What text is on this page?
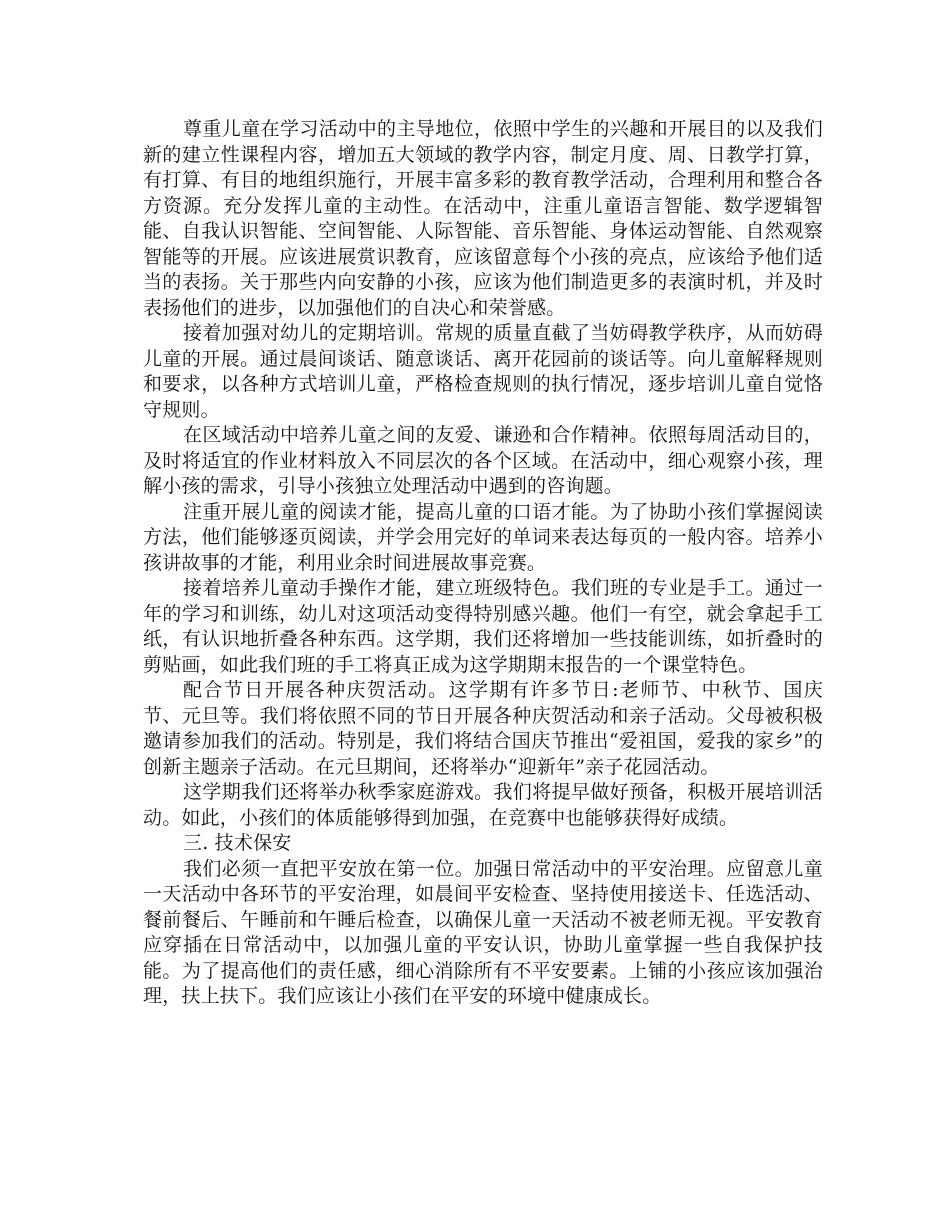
尊重儿童在学习活动中的主导地位，依照中学生的兴趣和开展目的以及我们新的建立性课程内容，增加五大领域的教学内容，制定月度、周、日教学打算，有打算、有目的地组织施行，开展丰富多彩的教育教学活动，合理利用和整合各方资源。充分发挥儿童的主动性。在活动中，注重儿童语言智能、数学逻辑智能、自我认识智能、空间智能、人际智能、音乐智能、身体运动智能、自然观察智能等的开展。应该进展赏识教育，应该留意每个小孩的亮点，应该给予他们适当的表扬。关于那些内向安静的小孩，应该为他们制造更多的表演时机，并及时表扬他们的进步，以加强他们的自决心和荣誉感。

接着加强对幼儿的定期培训。常规的质量直截了当妨碍教学秩序，从而妨碍儿童的开展。通过晨间谈话、随意谈话、离开花园前的谈话等。向儿童解释规则和要求，以各种方式培训儿童，严格检查规则的执行情况，逐步培训儿童自觉恪守规则。

在区域活动中培养儿童之间的友爱、谦逊和合作精神。依照每周活动目的，及时将适宜的作业材料放入不同层次的各个区域。在活动中，细心观察小孩，理解小孩的需求，引导小孩独立处理活动中遇到的咨询题。

注重开展儿童的阅读才能，提高儿童的口语才能。为了协助小孩们掌握阅读方法，他们能够逐页阅读，并学会用完好的单词来表达每页的一般内容。培养小孩讲故事的才能，利用业余时间进展故事竞赛。

接着培养儿童动手操作才能，建立班级特色。我们班的专业是手工。通过一年的学习和训练，幼儿对这项活动变得特别感兴趣。他们一有空，就会拿起手工纸，有认识地折叠各种东西。这学期，我们还将增加一些技能训练，如折叠时的剪贴画，如此我们班的手工将真正成为这学期期末报告的一个课堂特色。

配合节日开展各种庆贺活动。这学期有许多节日:老师节、中秋节、国庆节、元旦等。我们将依照不同的节日开展各种庆贺活动和亲子活动。父母被积极邀请参加我们的活动。特别是，我们将结合国庆节推出“爱祖国，爱我的家乡”的创新主题亲子活动。在元旦期间，还将举办“迎新年”亲子花园活动。

这学期我们还将举办秋季家庭游戏。我们将提早做好预备，积极开展培训活动。如此，小孩们的体质能够得到加强，在竞赛中也能够获得好成绩。

三. 技术保安

我们必须一直把平安放在第一位。加强日常活动中的平安治理。应留意儿童一天活动中各环节的平安治理，如晨间平安检查、坚持使用接送卡、任选活动、餐前餐后、午睡前和午睡后检查，以确保儿童一天活动不被老师无视。平安教育应穿插在日常活动中，以加强儿童的平安认识，协助儿童掌握一些自我保护技能。为了提高他们的责任感，细心消除所有不平安要素。上铺的小孩应该加强治理，扶上扶下。我们应该让小孩们在平安的环境中健康成长。
